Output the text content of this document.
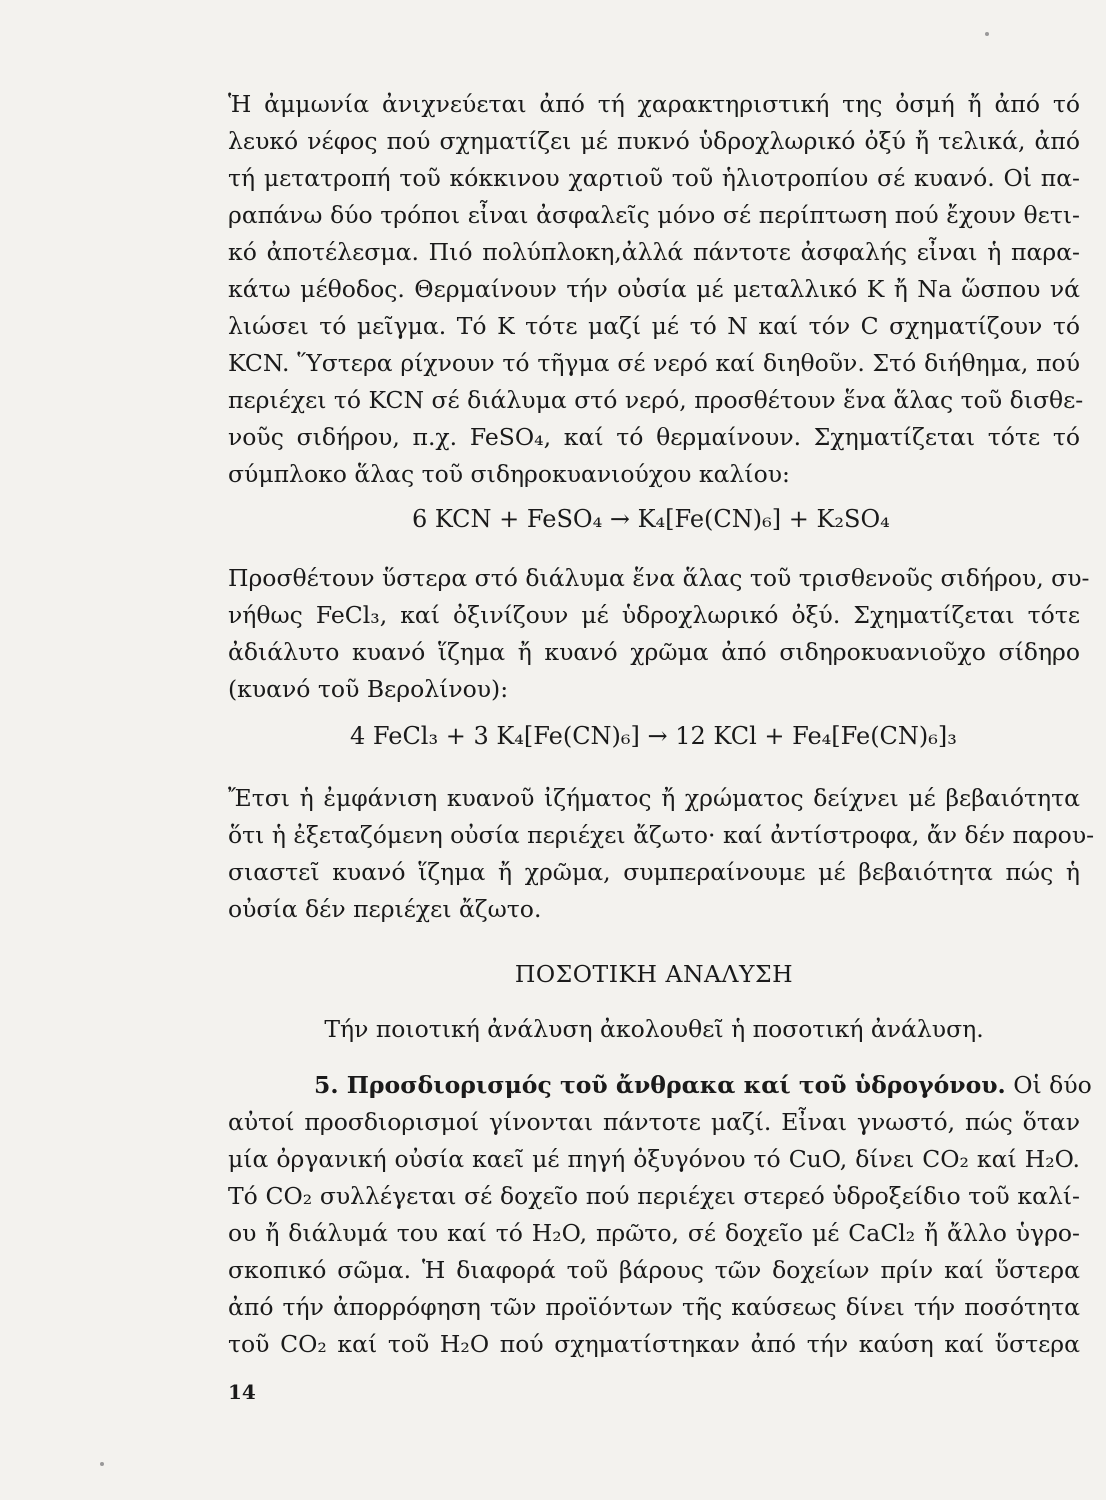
Ἡ ἀμμωνία ἀνιχνεύεται ἀπό τή χαρακτηριστική της ὀσμή ἤ ἀπό τό
λευκό νέφος πού σχηματίζει μέ πυκνό ὑδροχλωρικό ὀξύ ἤ τελικά, ἀπό
τή μετατροπή τοῦ κόκκινου χαρτιοῦ τοῦ ἡλιοτροπίου σέ κυανό. Οἱ πα-
ραπάνω δύο τρόποι εἶναι ἀσφαλεῖς μόνο σέ περίπτωση πού ἔχουν θετι-
κό ἀποτέλεσμα. Πιό πολύπλοκη,ἀλλά πάντοτε ἀσφαλής εἶναι ἡ παρα-
κάτω μέθοδος. Θερμαίνουν τήν οὐσία μέ μεταλλικό K ἤ Na ὥσπου νά
λιώσει τό μεῖγμα. Τό K τότε μαζί μέ τό N καί τόν C σχηματίζουν τό
KCN. Ὕστερα ρίχνουν τό τῆγμα σέ νερό καί διηθοῦν. Στό διήθημα, πού
περιέχει τό KCN σέ διάλυμα στό νερό, προσθέτουν ἕνα ἅλας τοῦ δισθε-
νοῦς σιδήρου, π.χ. FeSO₄, καί τό θερμαίνουν. Σχηματίζεται τότε τό
σύμπλοκο ἅλας τοῦ σιδηροκυανιούχου καλίου:
6 KCN + FeSO₄ → K₄[Fe(CN)₆] + K₂SO₄
Προσθέτουν ὕστερα στό διάλυμα ἕνα ἅλας τοῦ τρισθενοῦς σιδήρου, συ-
νήθως FeCl₃, καί ὀξινίζουν μέ ὑδροχλωρικό ὀξύ. Σχηματίζεται τότε
ἀδιάλυτο κυανό ἵζημα ἤ κυανό χρῶμα ἀπό σιδηροκυανιοῦχο σίδηρο
(κυανό τοῦ Βερολίνου):
4 FeCl₃ + 3 K₄[Fe(CN)₆] → 12 KCl + Fe₄[Fe(CN)₆]₃
Ἔτσι ἡ ἐμφάνιση κυανοῦ ἰζήματος ἤ χρώματος δείχνει μέ βεβαιότητα
ὅτι ἡ ἐξεταζόμενη οὐσία περιέχει ἄζωτο· καί ἀντίστροφα, ἄν δέν παρου-
σιαστεῖ κυανό ἵζημα ἤ χρῶμα, συμπεραίνουμε μέ βεβαιότητα πώς ἡ
οὐσία δέν περιέχει ἄζωτο.
ΠΟΣΟΤΙΚΗ ΑΝΑΛΥΣΗ
Τήν ποιοτική ἀνάλυση ἀκολουθεῖ ἡ ποσοτική ἀνάλυση.
5. Προσδιορισμός τοῦ ἄνθρακα καί τοῦ ὑδρογόνου. Οἱ δύο
αὐτοί προσδιορισμοί γίνονται πάντοτε μαζί. Εἶναι γνωστό, πώς ὅταν
μία ὀργανική οὐσία καεῖ μέ πηγή ὀξυγόνου τό CuO, δίνει CO₂ καί H₂O.
Τό CO₂ συλλέγεται σέ δοχεῖο πού περιέχει στερεό ὑδροξείδιο τοῦ καλί-
ου ἤ διάλυμά του καί τό H₂O, πρῶτο, σέ δοχεῖο μέ CaCl₂ ἤ ἄλλο ὑγρο-
σκοπικό σῶμα. Ἡ διαφορά τοῦ βάρους τῶν δοχείων πρίν καί ὕστερα
ἀπό τήν ἀπορρόφηση τῶν προϊόντων τῆς καύσεως δίνει τήν ποσότητα
τοῦ CO₂ καί τοῦ H₂O πού σχηματίστηκαν ἀπό τήν καύση καί ὕστερα
14
